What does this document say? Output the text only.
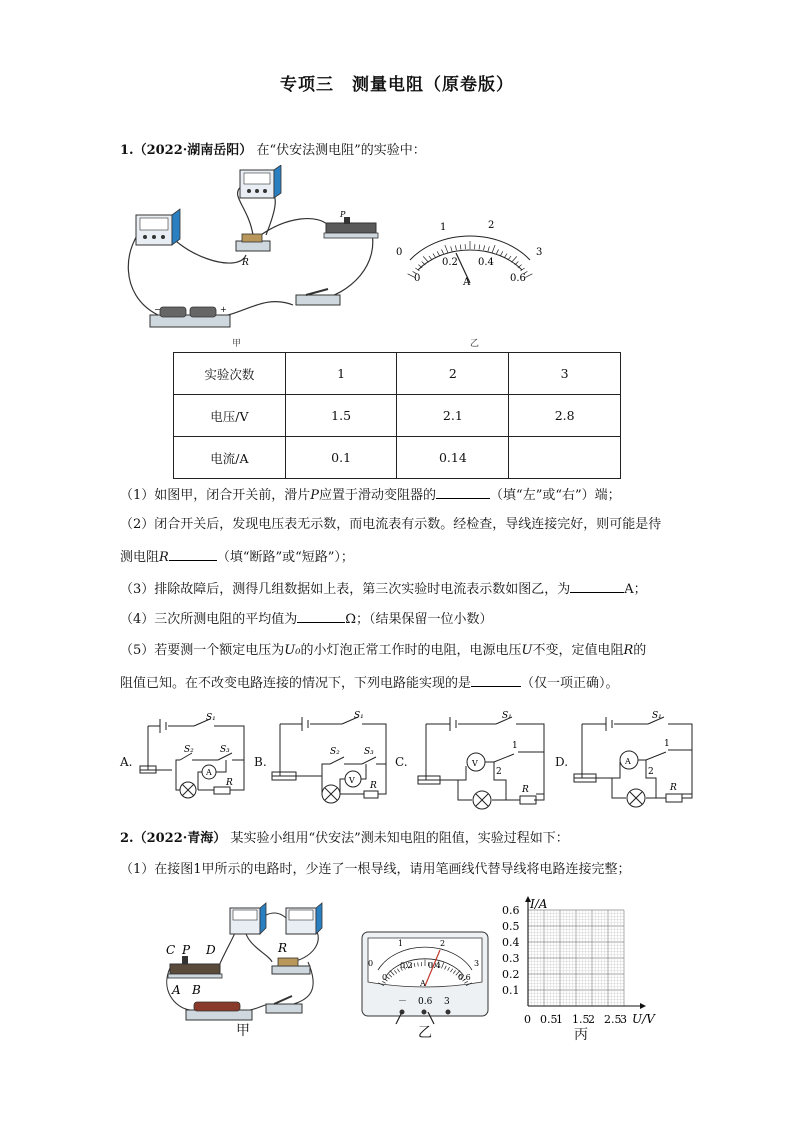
专项三　测量电阻（原卷版）
1.（2022·湖南岳阳） 在“伏安法测电阻”的实验中：
−	+
P
R
0
1	2
3
0
0.2 0.4
0.6
A
甲	乙
实验次数	1	2	3
电压/V	1.5	2.1	2.8
电流/A	0.1	0.14	
（1）如图甲，闭合开关前，滑片P应置于滑动变阻器的	（填“左”或“右”）端；
（2）闭合开关后，发现电压表无示数，而电流表有示数。经检查，导线连接完好，则可能是待
测电阻R	（填“断路”或“短路”）；
（3）排除故障后，测得几组数据如上表，第三次实验时电流表示数如图乙，为	A；
（4）三次所测电阻的平均值为	Ω；（结果保留一位小数）
（5）若要测一个额定电压为U₀的小灯泡正常工作时的电阻，电源电压U不变，定值电阻R的
阻值已知。在不改变电路连接的情况下，下列电路能实现的是	（仅一项正确）。
A.
S₁
S₂	S₃
A
R
B.
S₁
S₂	S₃
V
R
C.
S₁
V
1
2
R
D.
S₁
A
1
2
R
2.（2022·青海） 某实验小组用“伏安法”测未知电阻的阻值，实验过程如下：
（1）在接图1甲所示的电路时，少连了一根导线，请用笔画线代替导线将电路连接完整；
C P D
A B
R
甲
0
1	2
3
0
0.2 0.4
0.6
A
－ 0.6 3
乙
I/A
U/V
0.6
0.5
0.4
0.3
0.2
0.1
0 0.5
1 1.5
2 2.5
3
丙
